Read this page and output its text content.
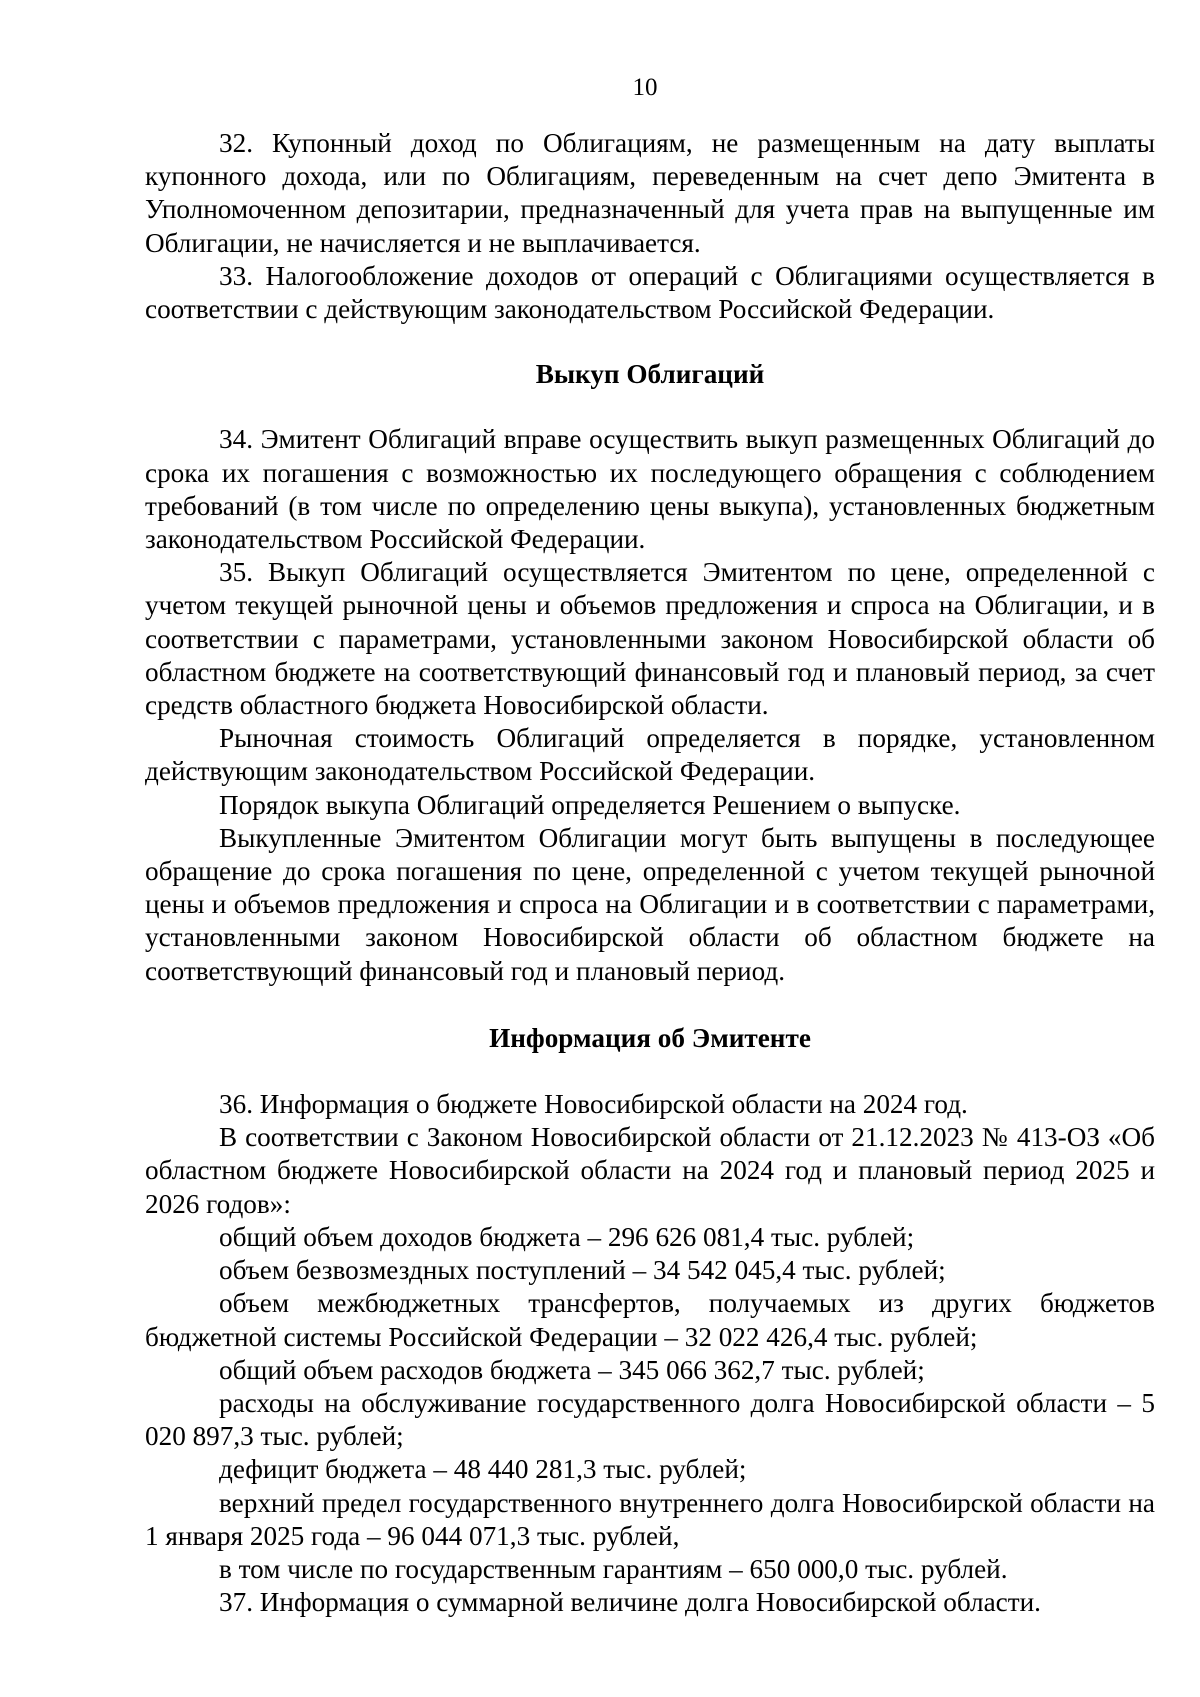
10

32. Купонный доход по Облигациям, не размещенным на дату выплаты купонного дохода, или по Облигациям, переведенным на счет депо Эмитента в Уполномоченном депозитарии, предназначенный для учета прав на выпущенные им Облигации, не начисляется и не выплачивается.

33. Налогообложение доходов от операций с Облигациями осуществляется в соответствии с действующим законодательством Российской Федерации.

Выкуп Облигаций

34. Эмитент Облигаций вправе осуществить выкуп размещенных Облигаций до срока их погашения с возможностью их последующего обращения с соблюдением требований (в том числе по определению цены выкупа), установленных бюджетным законодательством Российской Федерации.

35. Выкуп Облигаций осуществляется Эмитентом по цене, определенной с учетом текущей рыночной цены и объемов предложения и спроса на Облигации, и в соответствии с параметрами, установленными законом Новосибирской области об областном бюджете на соответствующий финансовый год и плановый период, за счет средств областного бюджета Новосибирской области.

Рыночная стоимость Облигаций определяется в порядке, установленном действующим законодательством Российской Федерации.

Порядок выкупа Облигаций определяется Решением о выпуске.

Выкупленные Эмитентом Облигации могут быть выпущены в последующее обращение до срока погашения по цене, определенной с учетом текущей рыночной цены и объемов предложения и спроса на Облигации и в соответствии с параметрами, установленными законом Новосибирской области об областном бюджете на соответствующий финансовый год и плановый период.

Информация об Эмитенте

36. Информация о бюджете Новосибирской области на 2024 год.

В соответствии с Законом Новосибирской области от 21.12.2023 № 413-ОЗ «Об областном бюджете Новосибирской области на 2024 год и плановый период 2025 и 2026 годов»:

общий объем доходов бюджета – 296 626 081,4 тыс. рублей;

объем безвозмездных поступлений – 34 542 045,4 тыс. рублей;

объем межбюджетных трансфертов, получаемых из других бюджетов бюджетной системы Российской Федерации – 32 022 426,4 тыс. рублей;

общий объем расходов бюджета – 345 066 362,7 тыс. рублей;

расходы на обслуживание государственного долга Новосибирской области – 5 020 897,3 тыс. рублей;

дефицит бюджета – 48 440 281,3 тыс. рублей;

верхний предел государственного внутреннего долга Новосибирской области на 1 января 2025 года – 96 044 071,3 тыс. рублей,

в том числе по государственным гарантиям – 650 000,0 тыс. рублей.

37. Информация о суммарной величине долга Новосибирской области.
